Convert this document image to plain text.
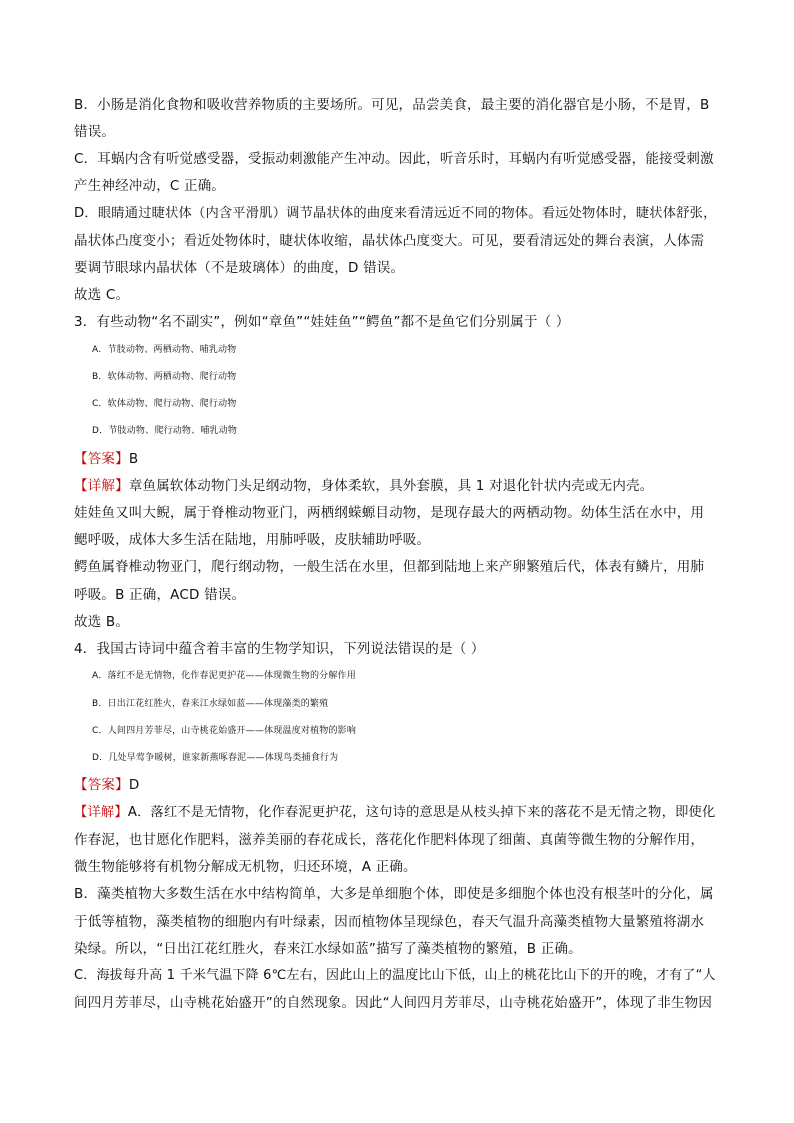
B．小肠是消化食物和吸收营养物质的主要场所。可见，品尝美食，最主要的消化器官是小肠，不是胃，B
错误。
C．耳蜗内含有听觉感受器，受振动刺激能产生冲动。因此，听音乐时，耳蜗内有听觉感受器，能接受刺激
产生神经冲动，C 正确。
D．眼睛通过睫状体（内含平滑肌）调节晶状体的曲度来看清远近不同的物体。看远处物体时，睫状体舒张，
晶状体凸度变小；看近处物体时，睫状体收缩，晶状体凸度变大。可见，要看清远处的舞台表演，人体需
要调节眼球内晶状体（不是玻璃体）的曲度，D 错误。
故选 C。
3．有些动物“名不副实”，例如“章鱼”“娃娃鱼”“鳄鱼”都不是鱼它们分别属于（ ）
A．节肢动物、两栖动物、哺乳动物
B．软体动物、两栖动物、爬行动物
C．软体动物、爬行动物、爬行动物
D．节肢动物、爬行动物、哺乳动物
【答案】B
【详解】章鱼属软体动物门头足纲动物，身体柔软，具外套膜，具 1 对退化针状内壳或无内壳。
娃娃鱼又叫大鲵，属于脊椎动物亚门，两栖纲蝾螈目动物，是现存最大的两栖动物。幼体生活在水中，用
鳃呼吸，成体大多生活在陆地，用肺呼吸，皮肤辅助呼吸。
鳄鱼属脊椎动物亚门，爬行纲动物，一般生活在水里，但都到陆地上来产卵繁殖后代，体表有鳞片，用肺
呼吸。B 正确，ACD 错误。
故选 B。
4．我国古诗词中蕴含着丰富的生物学知识，下列说法错误的是（ ）
A．落红不是无情物，化作春泥更护花——体现微生物的分解作用
B．日出江花红胜火，春来江水绿如蓝——体现藻类的繁殖
C．人间四月芳菲尽，山寺桃花始盛开——体现温度对植物的影响
D．几处早莺争暖树，谁家新燕啄春泥——体现鸟类捕食行为
【答案】D
【详解】A．落红不是无情物，化作春泥更护花，这句诗的意思是从枝头掉下来的落花不是无情之物，即使化
作春泥，也甘愿化作肥料，滋养美丽的春花成长，落花化作肥料体现了细菌、真菌等微生物的分解作用，
微生物能够将有机物分解成无机物，归还环境，A 正确。
B．藻类植物大多数生活在水中结构简单，大多是单细胞个体，即使是多细胞个体也没有根茎叶的分化，属
于低等植物，藻类植物的细胞内有叶绿素，因而植物体呈现绿色，春天气温升高藻类植物大量繁殖将湖水
染绿。所以，“日出江花红胜火，春来江水绿如蓝”描写了藻类植物的繁殖，B 正确。
C．海拔每升高 1 千米气温下降 6℃左右，因此山上的温度比山下低，山上的桃花比山下的开的晚，才有了“人
间四月芳菲尽，山寺桃花始盛开”的自然现象。因此“人间四月芳菲尽，山寺桃花始盛开”，体现了非生物因
